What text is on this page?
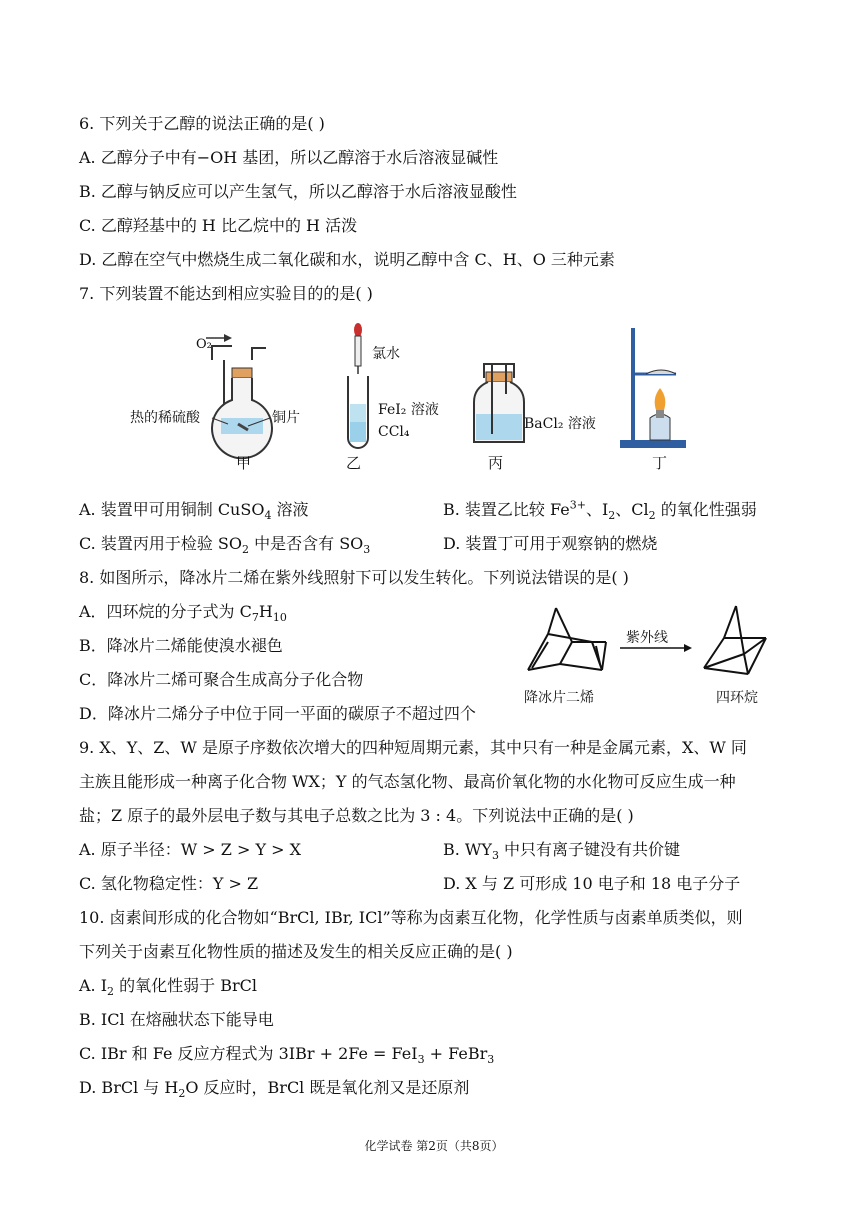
6. 下列关于乙醇的说法正确的是( )
A. 乙醇分子中有−OH 基团，所以乙醇溶于水后溶液显碱性
B. 乙醇与钠反应可以产生氢气，所以乙醇溶于水后溶液显酸性
C. 乙醇羟基中的 H 比乙烷中的 H 活泼
D. 乙醇在空气中燃烧生成二氧化碳和水，说明乙醇中含 C、H、O 三种元素
7. 下列装置不能达到相应实验目的的是( )
O₂
热的稀硫酸	铜片
甲
氯水
FeI₂ 溶液
CCl₄
乙
BaCl₂ 溶液
丙	丁
A. 装置甲可用铜制 CuSO$_4$ 溶液	B. 装置乙比较 $Fe^{3+}$、$I_2$、$Cl_2$ 的氧化性强弱
C. 装置丙用于检验 $SO_2$ 中是否含有 $SO_3$	D. 装置丁可用于观察钠的燃烧
8. 如图所示，降冰片二烯在紫外线照射下可以发生转化。下列说法错误的是( )
A．四环烷的分子式为 $C_7H_{10}$
B．降冰片二烯能使溴水褪色
C．降冰片二烯可聚合生成高分子化合物
D．降冰片二烯分子中位于同一平面的碳原子不超过四个
紫外线
降冰片二烯	四环烷
9. X、Y、Z、W 是原子序数依次增大的四种短周期元素，其中只有一种是金属元素，X、W 同
主族且能形成一种离子化合物 WX；Y 的气态氢化物、最高价氧化物的水化物可反应生成一种
盐；Z 原子的最外层电子数与其电子总数之比为 3 : 4。下列说法中正确的是( )
A. 原子半径：W > Z > Y > X	B. $WY_3$ 中只有离子键没有共价键
C. 氢化物稳定性：Y > Z	D. X 与 Z 可形成 10 电子和 18 电子分子
10. 卤素间形成的化合物如“BrCl, IBr, ICl”等称为卤素互化物，化学性质与卤素单质类似，则
下列关于卤素互化物性质的描述及发生的相关反应正确的是( )
A. $I_2$ 的氧化性弱于 BrCl
B. ICl 在熔融状态下能导电
C. IBr 和 Fe 反应方程式为 3IBr + 2Fe = FeI$_3$ + FeBr$_3$
D. BrCl 与 $H_2O$ 反应时，BrCl 既是氧化剂又是还原剂
化学试卷 第2页（共8页）
